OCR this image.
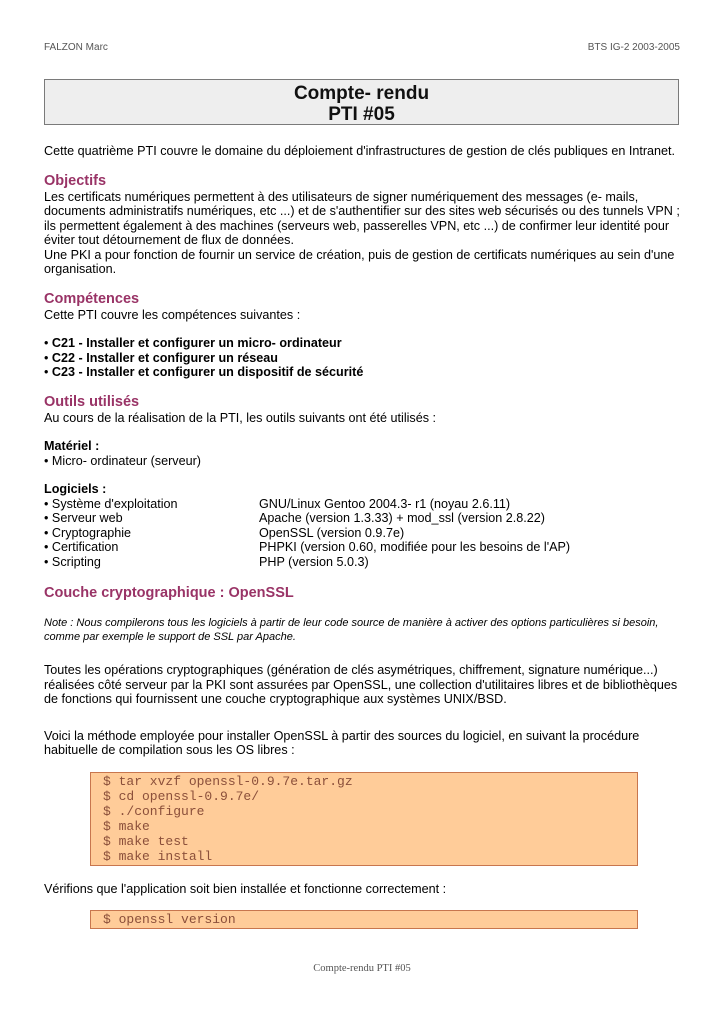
FALZON Marc	BTS IG-2 2003-2005
Compte- rendu
PTI #05

Cette quatrième PTI couvre le domaine du déploiement d'infrastructures de gestion de clés publiques en Intranet.

Objectifs

Les certificats numériques permettent à des utilisateurs de signer numériquement des messages (e- mails, documents administratifs numériques, etc ...) et de s'authentifier sur des sites web sécurisés ou des tunnels VPN ; ils permettent également à des machines (serveurs web, passerelles VPN, etc ...) de confirmer leur identité pour éviter tout détournement de flux de données.

Une PKI a pour fonction de fournir un service de création, puis de gestion de certificats numériques au sein d'une organisation.

Compétences

Cette PTI couvre les compétences suivantes :

• C21 - Installer et configurer un micro- ordinateur
• C22 - Installer et configurer un réseau
• C23 - Installer et configurer un dispositif de sécurité
Outils utilisés

Au cours de la réalisation de la PTI, les outils suivants ont été utilisés :

Matériel :

• Micro- ordinateur (serveur)

Logiciels :

• Système d'exploitation	GNU/Linux Gentoo 2004.3- r1 (noyau 2.6.11)
• Serveur web	Apache (version 1.3.33) + mod_ssl (version 2.8.22)
• Cryptographie	OpenSSL (version 0.9.7e)
• Certification	PHPKI (version 0.60, modifiée pour les besoins de l'AP)
• Scripting	PHP (version 5.0.3)
Couche cryptographique : OpenSSL

Note : Nous compilerons tous les logiciels à partir de leur code source de manière à activer des options particulières si besoin, comme par exemple le support de SSL par Apache.

Toutes les opérations cryptographiques (génération de clés asymétriques, chiffrement, signature numérique...) réalisées côté serveur par la PKI sont assurées par OpenSSL, une collection d'utilitaires libres et de bibliothèques de fonctions qui fournissent une couche cryptographique aux systèmes UNIX/BSD.

Voici la méthode employée pour installer OpenSSL à partir des sources du logiciel, en suivant la procédure habituelle de compilation sous les OS libres :

$ tar xvzf openssl-0.9.7e.tar.gz
$ cd openssl-0.9.7e/
$ ./configure
$ make
$ make test
$ make install

Vérifions que l'application soit bien installée et fonctionne correctement :

$ openssl version
Compte-rendu PTI #05
